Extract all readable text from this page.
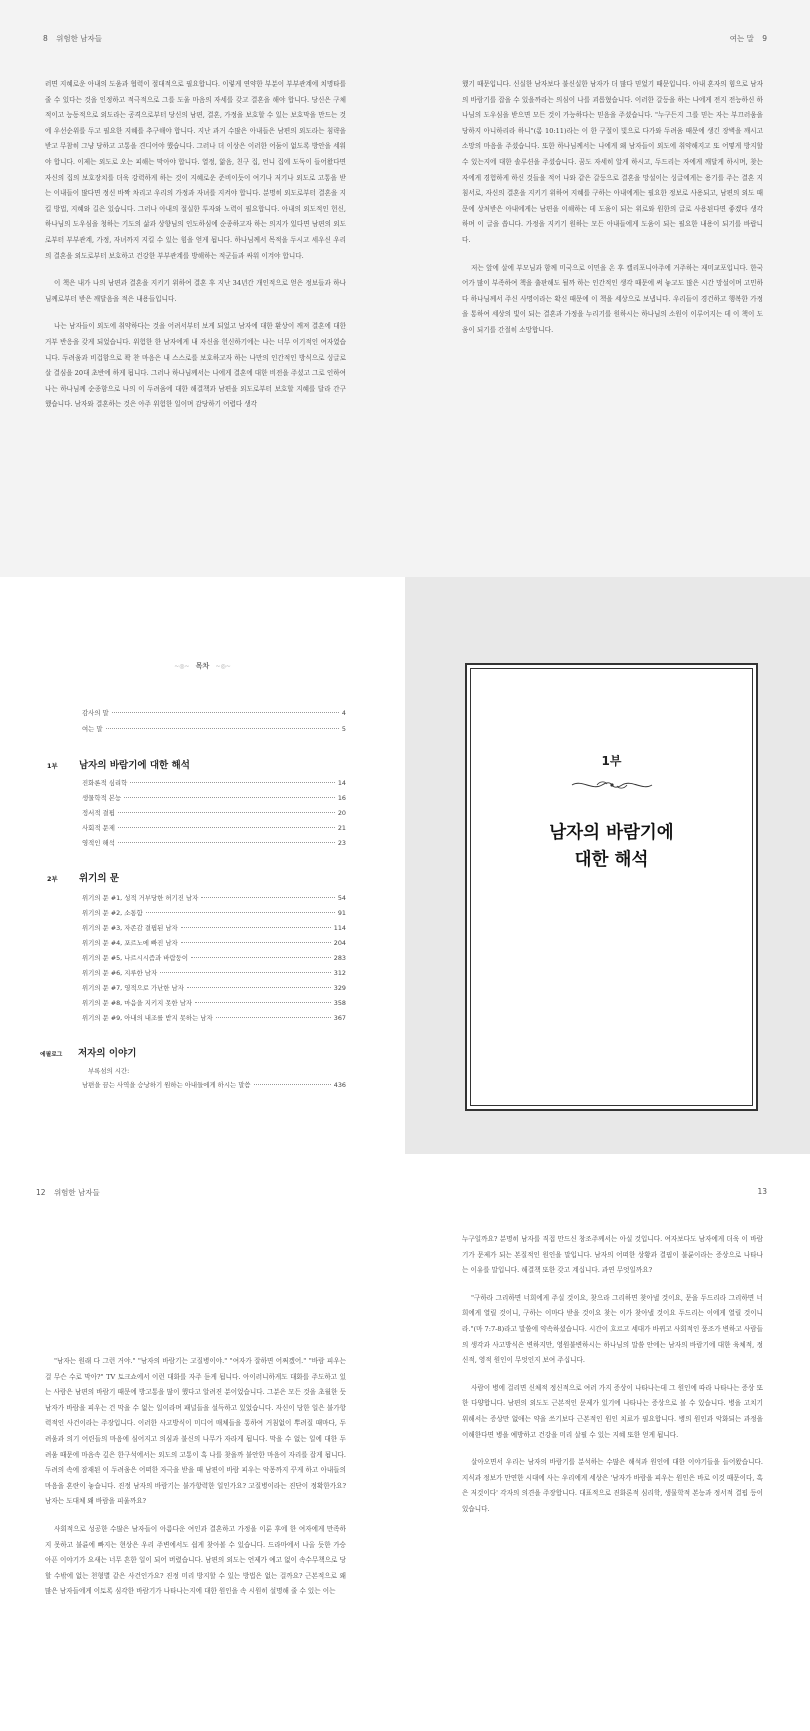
8 위험한 남자들

러면 지혜로운 아내의 도움과 협력이 절대적으로 필요합니다. 이렇게 연약한 부분이 부부관계에 치명타를 줄 수 있다는 것을 인정하고 적극적으로 그를 도울 마음의 자세를 갖고 결혼을 해야 합니다. 당신은 구체적이고 능동적으로 외도라는 공격으로부터 당신의 남편, 결혼, 가정을 보호할 수 있는 보호막을 만드는 것에 우선순위를 두고 필요한 지혜를 추구해야 합니다. 지난 과거 수많은 아내들은 남편의 외도라는 침략을 받고 무참히 그냥 당하고 고통을 견디어야 했습니다. 그러나 더 이상은 이러한 어둠이 없도록 방안을 세워야 합니다. 이제는 외도로 오는 피해는 막아야 합니다. 열정, 앎음, 친구 집, 언니 집에 도둑이 들어왔다면 자신의 집의 보호장치를 더욱 강력하게 하는 것이 지혜로운 준비이듯이 여기나 저기나 외도로 고통을 받는 이내들이 많다면 정신 바짝 차리고 우리의 가정과 자녀를 지켜야 합니다. 분명히 외도로부터 결혼을 지킬 방법, 지혜와 길은 있습니다. 그러나 아내의 절실한 투자와 노력이 필요합니다. 아내의 외도적인 헌신, 하나님의 도우심을 청하는 기도의 삶과 상향님의 인도하심에 순종하고자 하는 의지가 있다면 남편의 외도로부터 부부관계, 가정, 자녀까지 지킬 수 있는 힘을 얻게 됩니다. 하나님께서 목적을 두시고 세우신 우리의 결혼을 외도로부터 보호하고 건강한 부부관계를 방해하는 적군들과 싸워 이겨야 합니다.

이 책은 내가 나의 남편과 결혼을 지키기 위하여 결혼 후 지난 34년간 개인적으로 얻은 정보들과 하나님께로부터 받은 깨달음을 적은 내용들입니다.

나는 남자들이 외도에 취약하다는 것을 어려서부터 보게 되었고 남자에 대한 환상이 깨져 결혼에 대한 거부 반응을 갖게 되었습니다. 위험한 한 남자에게 내 자신을 헌신하기에는 나는 너무 이기적인 여자였습니다. 두려움과 비겁함으로 꽉 찬 마음은 내 스스로를 보호하고자 하는 나만의 인간적인 방식으로 싱글로 살 결심을 20대 초반에 하게 됩니다. 그러나 하나님께서는 나에게 결혼에 대한 비전을 주셨고 그로 인하여 나는 하나님께 순종함으로 나의 이 두려움에 대한 해결책과 남편을 외도로부터 보호할 지혜를 달라 간구했습니다. 남자와 결혼하는 것은 아주 위험한 일이며 감당하기 어렵다 생각

여는 말 9

했기 때문입니다. 신실한 남자보다 불신실한 남자가 더 많다 믿었기 때문입니다. 아내 혼자의 힘으로 남자의 바람기를 잡을 수 있을까라는 의심이 나를 괴롭혔습니다. 이러한 갈등을 하는 나에게 전지 전능하신 하나님의 도우심을 받으면 모든 것이 가능하다는 믿음을 주셨습니다. "누구든지 그를 믿는 자는 부끄러움을 당하지 아니하리라 하니"(롬 10:11)라는 이 한 구절이 빛으로 다가와 두려움 때문에 생긴 장벽을 깨시고 소망의 마음을 주셨습니다. 또한 하나님께서는 나에게 왜 남자들이 외도에 취약해지고 또 어떻게 방지할 수 있는지에 대한 솔루션을 주셨습니다. 꿈도 자세히 알게 하시고, 두드리는 자에게 깨달게 하시며, 찾는 자에게 경험하게 하신 것들을 적어 나와 같은 갈등으로 결혼을 망설이는 싱글에게는 용기를 주는 결혼 지침서로, 자신의 결혼을 지키기 위하여 지혜를 구하는 아내에게는 필요한 정보로 사용되고, 남편의 외도 때문에 상처받은 아내에게는 남편을 이해하는 데 도움이 되는 위로와 원한의 글로 사용된다면 좋겠다 생각하며 이 글을 씁니다. 가정을 지키기 원하는 모든 아내들에게 도움이 되는 필요한 내용이 되기를 바랍니다.

저는 앞에 살에 부모님과 함께 미국으로 이민을 온 후 캘리포니아주에 거주하는 재미교포입니다. 한국어가 많이 부족하여 책을 출판해도 될까 하는 인간적인 생각 때문에 써 놓고도 많은 시간 망설이며 고민하다 하나님께서 주신 사명이라는 확신 때문에 이 책을 세상으로 보냅니다. 우리들이 경건하고 행복한 가정을 통하여 세상의 빛이 되는 결혼과 가정을 누리기를 원하시는 하나님의 소원이 이루어지는 데 이 책이 도움이 되기를 간절히 소망합니다.

~◎~ 목차 ~◎~
감사의 말	4
여는 말	5
1부 남자의 바람기에 대한 해석
진화론적 심리학	14
생물학적 본능	16
정서적 결핍	20
사회적 문제	21
영적인 해석	23
2부 위기의 문
위기의 문 #1, 성적 거부당한 허기진 남자	54
위기의 문 #2, 소통함	91
위기의 문 #3, 자존감 결핍된 남자	114
위기의 문 #4, 포르노에 빠진 남자	204
위기의 문 #5, 나르시시즘과 바람둥이	283
위기의 문 #6, 지루한 남자	312
위기의 문 #7, 영적으로 가난한 남자	329
위기의 문 #8, 마음을 지키지 못한 남자	358
위기의 문 #9, 아내의 내조를 받지 못하는 남자	367
에필로그 저자의 이야기
부록섬의 시간:
남편을 끔는 사역을 승낭하기 원하는 아내들에게 하시는 말씀	436
1부
남자의 바람기에
대한 해석
12 위험한 남자들

"남자는 원래 다 그런 거야." "남자의 바람기는 고질병이야." "여자가 잘하면 어쩌겠어." "바람 피우는 걸 무슨 수로 막아?" TV 토크쇼에서 이런 대화를 자주 듣게 됩니다. 아이러니하게도 대화를 주도하고 있는 사람은 남편의 바람기 때문에 방고통을 많이 했다고 알려진 분이었습니다. 그분은 모든 것을 초월한 듯 남자가 바람을 피우는 건 막을 수 없는 일이라며 패널들을 설득하고 있었습니다. 자신이 당한 일은 불가항력적인 사건이라는 주장입니다. 이러한 사고방식이 미디어 매체들을 통하여 거침없이 뿌려질 때마다, 두려움과 의기 어린들의 마음에 심어지고 의심과 불신의 나무가 자라게 됩니다. 막을 수 없는 일에 대한 두려움 때문에 마음속 깊은 한구석에서는 외도의 고통이 혹 나를 찾을까 불안한 마음이 자리를 잡게 됩니다. 두려의 속에 잠재된 이 두려움은 어떠한 자극을 받을 때 남편이 바람 피우는 악몽까지 꾸게 하고 아내들의 마음을 혼란이 놓습니다. 진정 남자의 바람기는 불가항력한 일인가요? 고질병이라는 진단이 정확한가요? 남자는 도대체 왜 바람을 피울까요?

사회적으로 성공한 수많은 남자들이 아름다운 여인과 결혼하고 가정을 이룬 후에 한 여자에게 만족하지 못하고 불륜에 빠지는 현상은 우리 주변에서도 쉽게 찾아볼 수 있습니다. 드라마에서 나올 듯한 가승 아픈 이야기가 요새는 너무 흔한 일이 되어 버렸습니다. 남편의 외도는 언제가 예고 없이 속수무책으로 당할 수밖에 없는 천형별 같은 사건인가요? 진정 미리 방지할 수 있는 방법은 없는 걸까요? 근본적으로 왜 많은 남자들에게 이토록 심각한 바람기가 나타나는지에 대한 원인을 속 시원히 설명해 줄 수 있는 이는

13

누구일까요? 분명히 남자를 직접 만드신 창조주께서는 아실 것입니다. 여자보다도 남자에게 더욱 이 바람기가 문제가 되는 본질적인 원인을 말입니다. 남자의 어떠한 상황과 결핍이 불륜이라는 증상으로 나타나는 이유를 말입니다. 해결책 또한 갖고 계십니다. 과연 무엇일까요?

"구하라 그리하면 너희에게 주실 것이요, 찾으라 그리하면 찾아낼 것이요, 문을 두드리라 그리하면 너희에게 열릴 것이니, 구하는 이마다 받을 것이요 찾는 이가 찾아낼 것이요 두드리는 이에게 열릴 것이니라."(마 7:7-8)라고 말씀에 약속하셨습니다. 시간이 흐르고 세대가 바뀌고 사회적인 풍조가 변하고 사람들의 생각과 사고방식은 변하지만, 영원불변하시는 하나님의 말씀 안에는 남자의 바람기에 대한 육체적, 정신적, 영적 원인이 무엇인지 보여 주십니다.

사람이 병에 걸리면 신체적 정신적으로 여러 가지 증상이 나타나는데 그 원인에 따라 나타나는 증상 또한 다양합니다. 남편의 외도도 근본적인 문제가 있기에 나타나는 증상으로 볼 수 있습니다. 병을 고치기 위해서는 증상만 없애는 약을 쓰기보다 근본적인 원인 치료가 필요합니다. 병의 원인과 악화되는 과정을 이해한다면 병을 예방하고 건강을 미리 살필 수 있는 지혜 또한 얻게 됩니다.

살아오면서 우리는 남자의 바람기를 분석하는 수많은 해석과 원인에 대한 이야기들을 들어왔습니다. 지식과 정보가 만연한 시대에 사는 우리에게 세상은 '남자가 바람을 피우는 원인은 바로 이것 때문이다, 혹은 저것이다' 각자의 의견을 주장합니다. 대표적으로 진화론적 심리학, 생물학적 본능과 정서적 결핍 등이 있습니다.
